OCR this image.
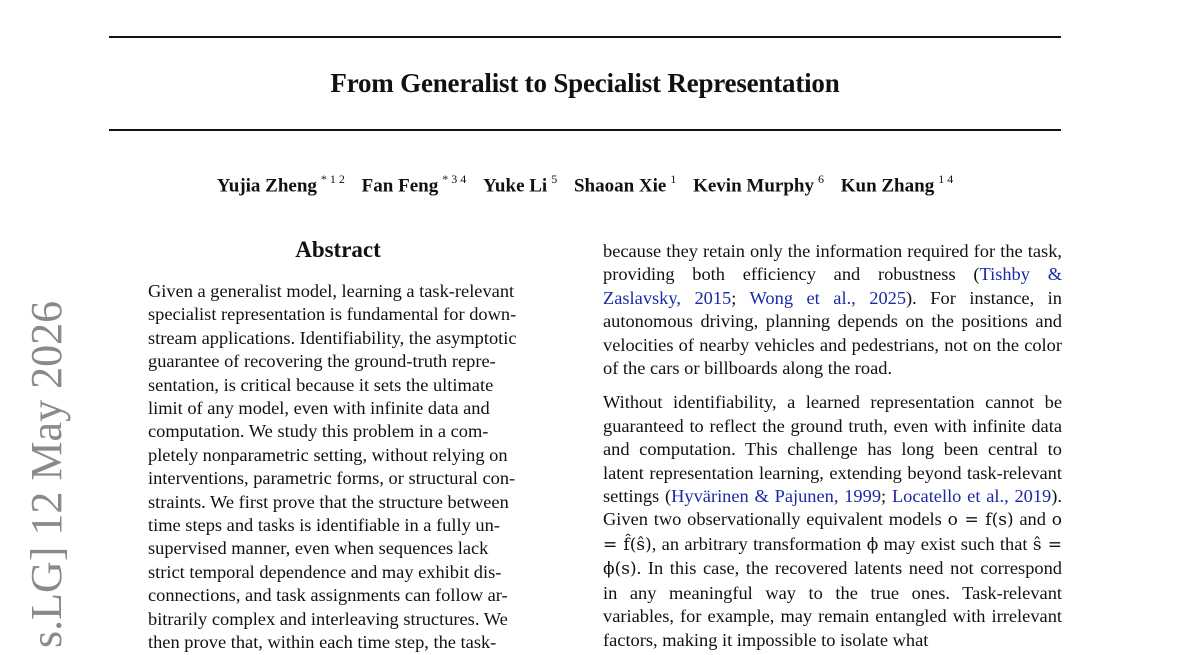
From Generalist to Specialist Representation
Yujia Zheng $^{* 1 2}$ Fan Feng $^{* 3 4}$ Yuke Li $^5$ Shaoan Xie $^1$ Kevin Murphy $^6$ Kun Zhang $^{1 4}$
s.LG] 12 May 2026
Abstract
Given a generalist model, learning a task-relevant
specialist representation is fundamental for down-
stream applications. Identifiability, the asymptotic
guarantee of recovering the ground-truth repre-
sentation, is critical because it sets the ultimate
limit of any model, even with infinite data and
computation. We study this problem in a com-
pletely nonparametric setting, without relying on
interventions, parametric forms, or structural con-
straints. We first prove that the structure between
time steps and tasks is identifiable in a fully un-
supervised manner, even when sequences lack
strict temporal dependence and may exhibit dis-
connections, and task assignments can follow ar-
bitrarily complex and interleaving structures. We
then prove that, within each time step, the task-

because they retain only the information required for the task, providing both efficiency and robustness (Tishby & Zaslavsky, 2015; Wong et al., 2025). For instance, in autonomous driving, planning depends on the positions and velocities of nearby vehicles and pedestrians, not on the color of the cars or billboards along the road.

Without identifiability, a learned representation cannot be guaranteed to reflect the ground truth, even with infinite data and computation. This challenge has long been central to latent representation learning, extending beyond task-relevant settings (Hyvärinen & Pajunen, 1999; Locatello et al., 2019). Given two observationally equivalent models o = f(s) and o = f̂(ŝ), an arbitrary transformation ϕ may exist such that ŝ = ϕ(s). In this case, the recovered latents need not correspond in any meaningful way to the true ones. Task-relevant variables, for example, may remain entangled with irrelevant factors, making it impossible to isolate what
